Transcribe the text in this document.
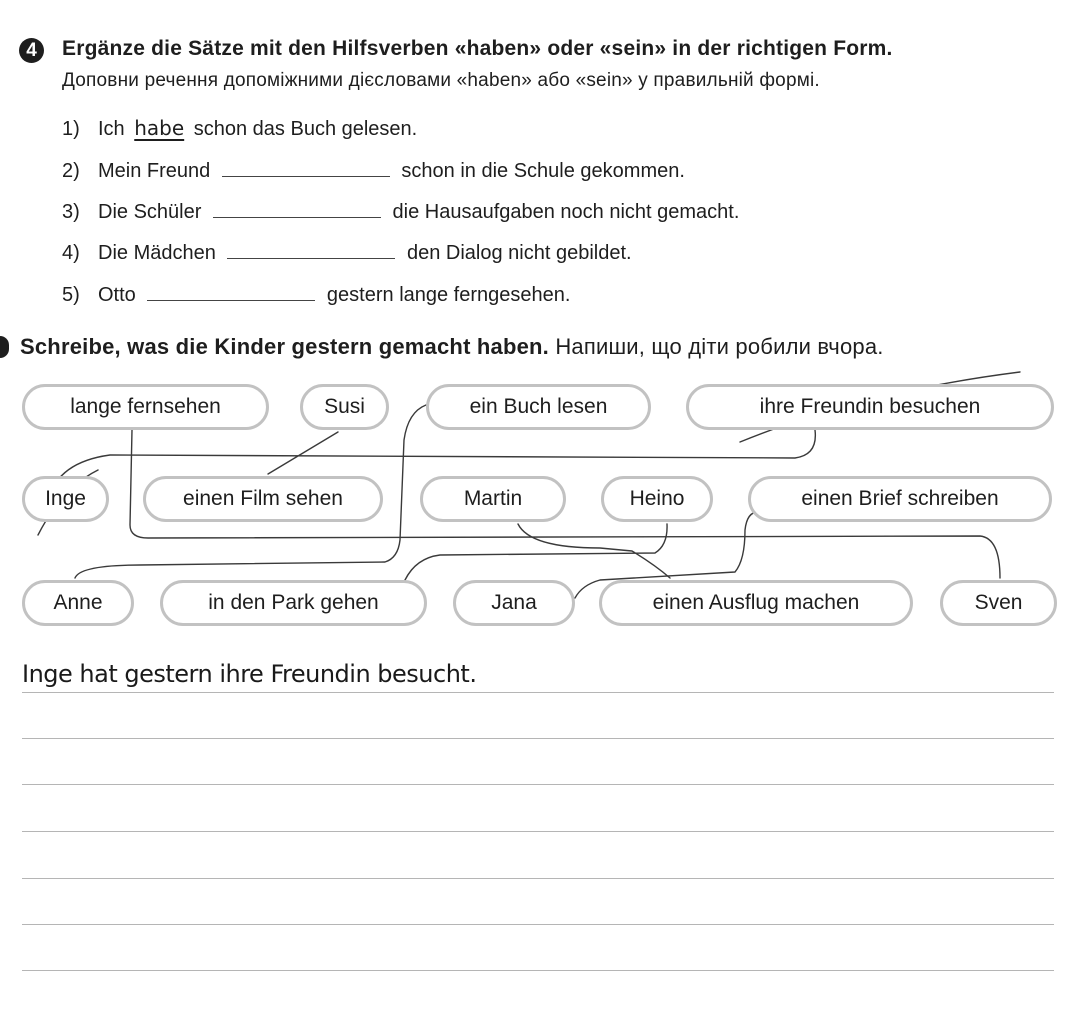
4	Ergänze die Sätze mit den Hilfsverben «haben» oder «sein» in der richtigen Form.
Доповни речення допоміжними дієсловами «haben» або «sein» у правильній формі.
1) Ich habe schon das Buch gelesen.
2) Mein Freund	schon in die Schule gekommen.
3) Die Schüler	die Hausaufgaben noch nicht gemacht.
4) Die Mädchen	den Dialog nicht gebildet.
5) Otto	gestern lange ferngesehen.
Schreibe, was die Kinder gestern gemacht haben. Напиши, що діти робили вчора.
lange fernsehen	Susi	ein Buch lesen	ihre Freundin besuchen
Inge	einen Film sehen	Martin	Heino	einen Brief schreiben
Anne	in den Park gehen	Jana	einen Ausflug machen	Sven
Inge hat gestern ihre Freundin besucht.
